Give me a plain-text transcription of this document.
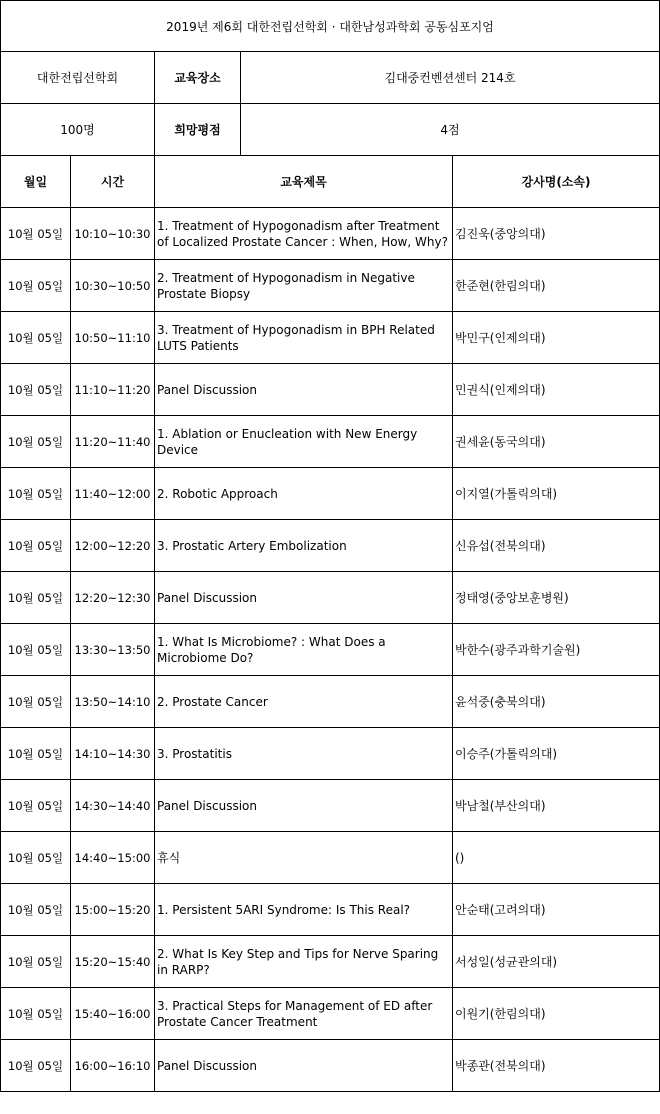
2019년 제6회 대한전립선학회 · 대한남성과학회 공동심포지엄				
대한전립선학회		교육장소	김대중컨벤션센터 214호	
100명		희망평점	4점	
월일	시간	교육제목		강사명(소속)
10월 05일	10:10~10:30	1. Treatment of Hypogonadism after Treatment of Localized Prostate Cancer : When, How, Why?		김진욱(중앙의대)
10월 05일	10:30~10:50	2. Treatment of Hypogonadism in Negative Prostate Biopsy		한준현(한림의대)
10월 05일	10:50~11:10	3. Treatment of Hypogonadism in BPH Related LUTS Patients		박민구(인제의대)
10월 05일	11:10~11:20	Panel Discussion		민권식(인제의대)
10월 05일	11:20~11:40	1. Ablation or Enucleation with New Energy Device		권세윤(동국의대)
10월 05일	11:40~12:00	2. Robotic Approach		이지열(가톨릭의대)
10월 05일	12:00~12:20	3. Prostatic Artery Embolization		신유섭(전북의대)
10월 05일	12:20~12:30	Panel Discussion		정태영(중앙보훈병원)
10월 05일	13:30~13:50	1. What Is Microbiome? : What Does a Microbiome Do?		박한수(광주과학기술원)
10월 05일	13:50~14:10	2. Prostate Cancer		윤석중(충북의대)
10월 05일	14:10~14:30	3. Prostatitis		이승주(가톨릭의대)
10월 05일	14:30~14:40	Panel Discussion		박남철(부산의대)
10월 05일	14:40~15:00	휴식		()
10월 05일	15:00~15:20	1. Persistent 5ARI Syndrome: Is This Real?		안순태(고려의대)
10월 05일	15:20~15:40	2. What Is Key Step and Tips for Nerve Sparing in RARP?		서성일(성균관의대)
10월 05일	15:40~16:00	3. Practical Steps for Management of ED after Prostate Cancer Treatment		이원기(한림의대)
10월 05일	16:00~16:10	Panel Discussion		박종관(전북의대)
